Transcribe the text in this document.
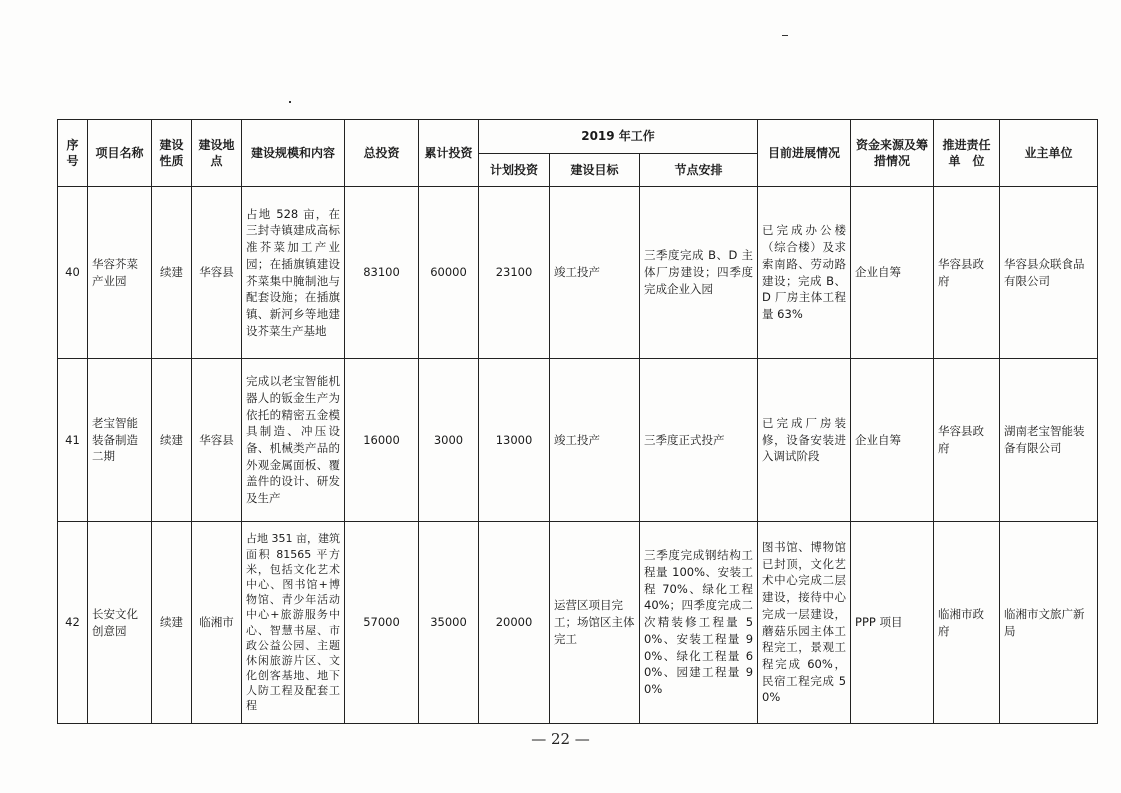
序号	项目名称	建设性质	建设地点	建设规模和内容	总投资	累计投资	2019 年工作			目前进展情况	资金来源及筹措情况	推进责任单　位	业主单位
							计划投资	建设目标	节点安排				
40	华容芥菜产业园	续建	华容县	占地 528 亩，在三封寺镇建成高标准芥菜加工产业园；在插旗镇建设芥菜集中腌制池与配套设施；在插旗镇、新河乡等地建设芥菜生产基地	83100	60000	23100	竣工投产	三季度完成 B、D 主体厂房建设；四季度完成企业入园	已完成办公楼（综合楼）及求索南路、劳动路建设；完成 B、D 厂房主体工程量 63%	企业自筹	华容县政府	华容县众联食品有限公司
41	老宝智能装备制造二期	续建	华容县	完成以老宝智能机器人的钣金生产为依托的精密五金模具制造、冲压设备、机械类产品的外观金属面板、覆盖件的设计、研发及生产	16000	3000	13000	竣工投产	三季度正式投产	已完成厂房装修，设备安装进入调试阶段	企业自筹	华容县政府	湖南老宝智能装备有限公司
42	长安文化创意园	续建	临湘市	占地 351 亩，建筑面积 81565 平方米，包括文化艺术中心、图书馆+博物馆、青少年活动中心+旅游服务中心、智慧书屋、市政公益公园、主题休闲旅游片区、文化创客基地、地下人防工程及配套工程	57000	35000	20000	运营区项目完工；场馆区主体完工	三季度完成钢结构工程量 100%、安装工程 70%、绿化工程 40%；四季度完成二次精装修工程量 50%、安装工程量 90%、绿化工程量 60%、园建工程量 90%	图书馆、博物馆已封顶，文化艺术中心完成二层建设，接待中心完成一层建设，蘑菇乐园主体工程完工，景观工程完成 60%，民宿工程完成 50%	PPP 项目	临湘市政府	临湘市文旅广新局
— 22 —
